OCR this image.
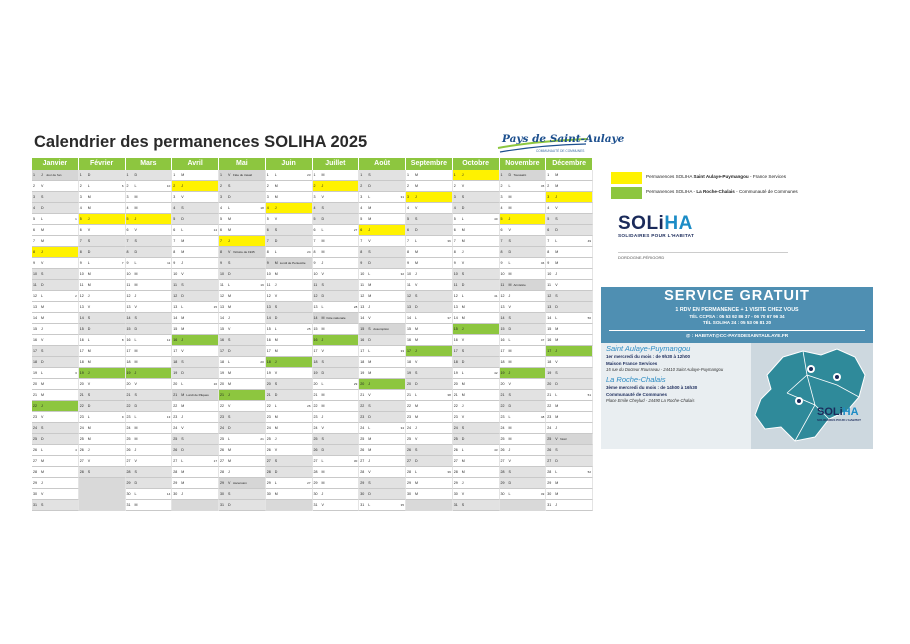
Calendrier des permanences SOLIHA 2025	Pays de Saint-Aulaye
COMMUNAUTÉ DE COMMUNES
Janvier
1 J Jour de l'an
2 V
3 S
4 D
5 L	1
6 M
7 M
8 J
9 V
10 S
11 D
12 L	2
13 M
14 M
15 J
16 V
17 S
18 D
19 L	3
20 M
21 M
22 J
23 V
24 S
25 D
26 L	4
27 M
28 M
29 J
30 V
31 S
Février
1 D
2 L	6
3 M
4 M
5 J
6 V
7 S
8 D
9 L	7
10 M
11 M
12 J
13 V
14 S
15 D
16 L	8
17 M
18 M
19 J
20 V
21 S
22 D
23 L	9
24 M
25 M
26 J
27 V
28 S
Mars
1 D
2 L	10
3 M
4 M
5 J
6 V
7 S
8 D
9 L	11
10 M
11 M
12 J
13 V
14 S
15 D
16 L	12
17 M
18 M
19 J
20 V
21 S
22 D
23 L	13
24 M
25 M
26 J
27 V
28 S
29 D
30 L	14
31 M
Avril
1 M
2 J
3 V
4 S
5 D
6 L	14
7 M
8 M
9 J
10 V
11 S
12 D
13 L	15
14 M
15 M
16 J
17 V
18 S
19 D
20 L	16
21 M Lundi de Pâques
22 M
23 J
24 V
25 S
26 D
27 L	17
28 M
29 M
30 J
Mai
1 V Fête du travail
2 S
3 D
4 L	18
5 M
6 M
7 J
8 V Victoire de 1945
9 S
10 D
11 L	19
12 M
13 M
14 J
15 V
16 S
17 D
18 L	20
19 M
20 M
21 J
22 V
23 S
24 D
25 L	21
26 M
27 M
28 J
29 V Ascension
30 S
31 D
Juin
1 L	23
2 M
3 M
4 J
5 V
6 S
7 D
8 L	24
9 M Lundi de Pentecôte
10 M
11 J
12 V
13 S
14 D
15 L	25
16 M
17 M
18 J
19 V
20 S
21 D
22 L	26
23 M
24 M
25 J
26 V
27 S
28 D
29 L	27
30 M
Juillet
1 M
2 J
3 V
4 S
5 D
6 L	27
7 M
8 M
9 J
10 V
11 S
12 D
13 L	28
14 M Fête nationale
15 M
16 J
17 V
18 S
19 D
20 L	29
21 M
22 M
23 J
24 V
25 S
26 D
27 L	30
28 M
29 M
30 J
31 V
Août
1 S
2 D
3 L	31
4 M
5 M
6 J
7 V
8 S
9 D
10 L	32
11 M
12 M
13 J
14 V
15 S Assomption
16 D
17 L	33
18 M
19 M
20 J
21 V
22 S
23 D
24 L	34
25 M
26 M
27 J
28 V
29 S
30 D
31 L	35
Septembre
1 M
2 M
3 J
4 V
5 S
6 D
7 L	36
8 M
9 M
10 J
11 V
12 S
13 D
14 L	37
15 M
16 M
17 J
18 V
19 S
20 D
21 L	38
22 M
23 M
24 J
25 V
26 S
27 D
28 L	39
29 M
30 M
Octobre
1 J
2 V
3 S
4 D
5 L	40
6 M
7 M
8 J
9 V
10 S
11 D
12 L	41
13 M
14 M
15 J
16 V
17 S
18 D
19 L	42
20 M
21 M
22 J
23 V
24 S
25 D
26 L	43
27 M
28 M
29 J
30 V
31 S
Novembre
1 D Toussaint
2 L	45
3 M
4 M
5 J
6 V
7 S
8 D
9 L	46
10 M
11 M Armistice
12 J
13 V
14 S
15 D
16 L	47
17 M
18 M
19 J
20 V
21 S
22 D
23 L	48
24 M
25 M
26 J
27 V
28 S
29 D
30 L	49
Décembre
1 M
2 M
3 J
4 V
5 S
6 D
7 L	49
8 M
9 M
10 J
11 V
12 S
13 D
14 L	50
15 M
16 M
17 J
18 V
19 S
20 D
21 L	51
22 M
23 M
24 J
25 V Noël
26 S
27 D
28 L	52
29 M
30 M
31 J
Permanences SOLIHA Saint Aulaye-Puymangou - France Services
Permanences SOLIHA - La Roche-Chalais - Communauté de Communes
SOLiHA
SOLIDAIRES POUR L'HABITAT
DORDOGNE-PÉRIGORD
SERVICE GRATUIT
1 RDV EN PERMANENCE + 1 VISITE CHEZ VOUS
TÉL CCPSA : 05 53 92 86 37 - 06 70 67 96 34
TÉL SOLIHA 24 : 05 53 06 81 20
@ : HABITAT@CC-PAYSDESAINTAULAYE.FR
Saint Aulaye-Puymangou
1er mercredi du mois : de 9h30 à 12h00
Maison France Services
15 rue du Docteur Rousseau - 24410 Saint Aulaye-Puymangou
La Roche-Chalais
3ème mercredi du mois : de 14h00 à 16h30
Communauté de Communes
Place Emile Cheylud - 24490 La Roche-Chalais
SOLiHA
SOLIDAIRES POUR L'HABITAT
